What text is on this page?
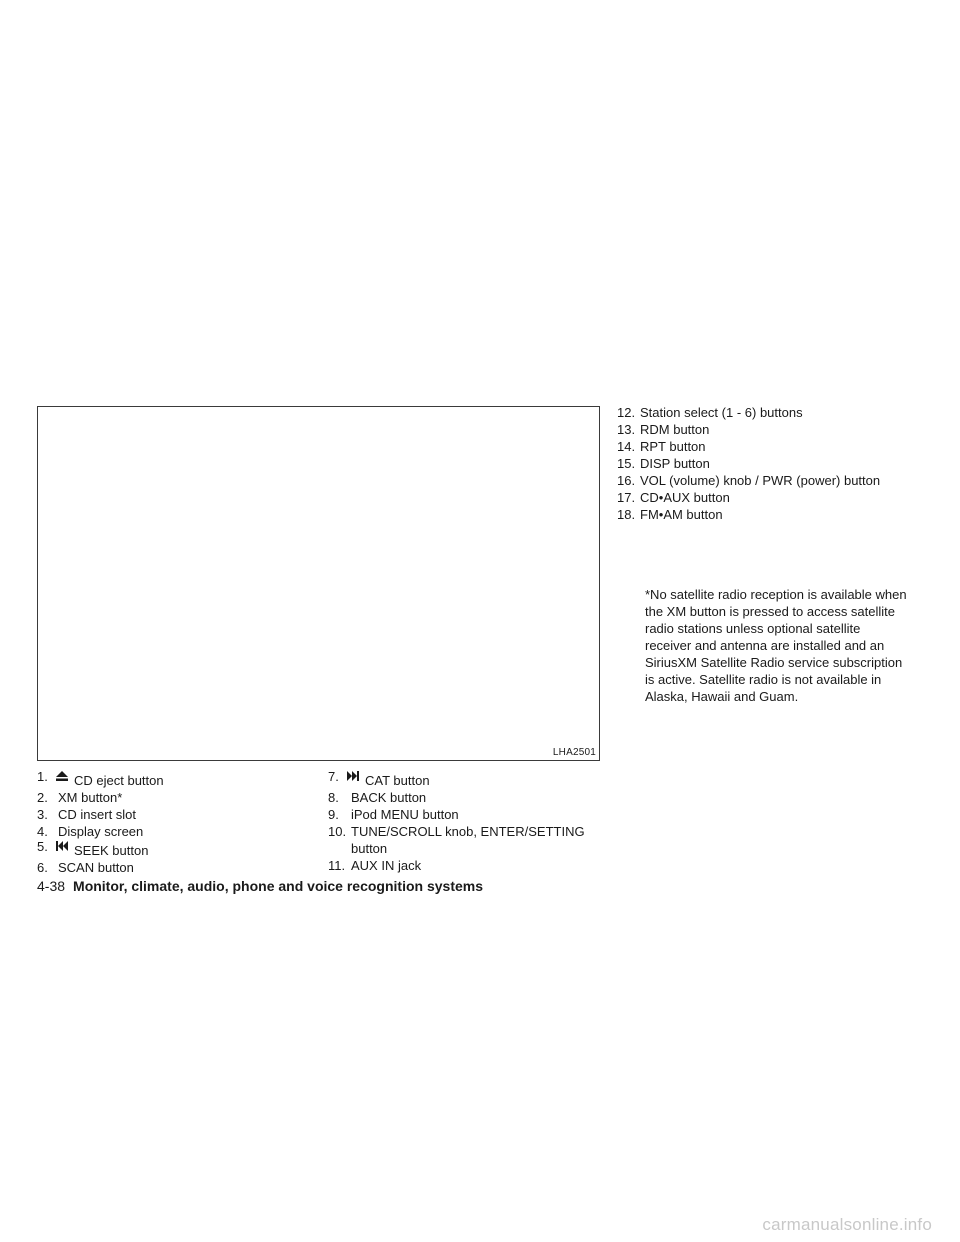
LHA2501
1. CD eject button
2. XM button*
3. CD insert slot
4. Display screen
5. SEEK button
6. SCAN button
7. CAT button
8. BACK button
9. iPod MENU button
10. TUNE/SCROLL knob, ENTER/SETTING button
11. AUX IN jack
12. Station select (1 - 6) buttons
13. RDM button
14. RPT button
15. DISP button
16. VOL (volume) knob / PWR (power) button
17. CD•AUX button
18. FM•AM button

*No satellite radio reception is available when the XM button is pressed to access satellite radio stations unless optional satellite receiver and antenna are installed and an SiriusXM Satellite Radio service subscription is active. Satellite radio is not available in Alaska, Hawaii and Guam.

4-38 Monitor, climate, audio, phone and voice recognition systems
carmanualsonline.info
